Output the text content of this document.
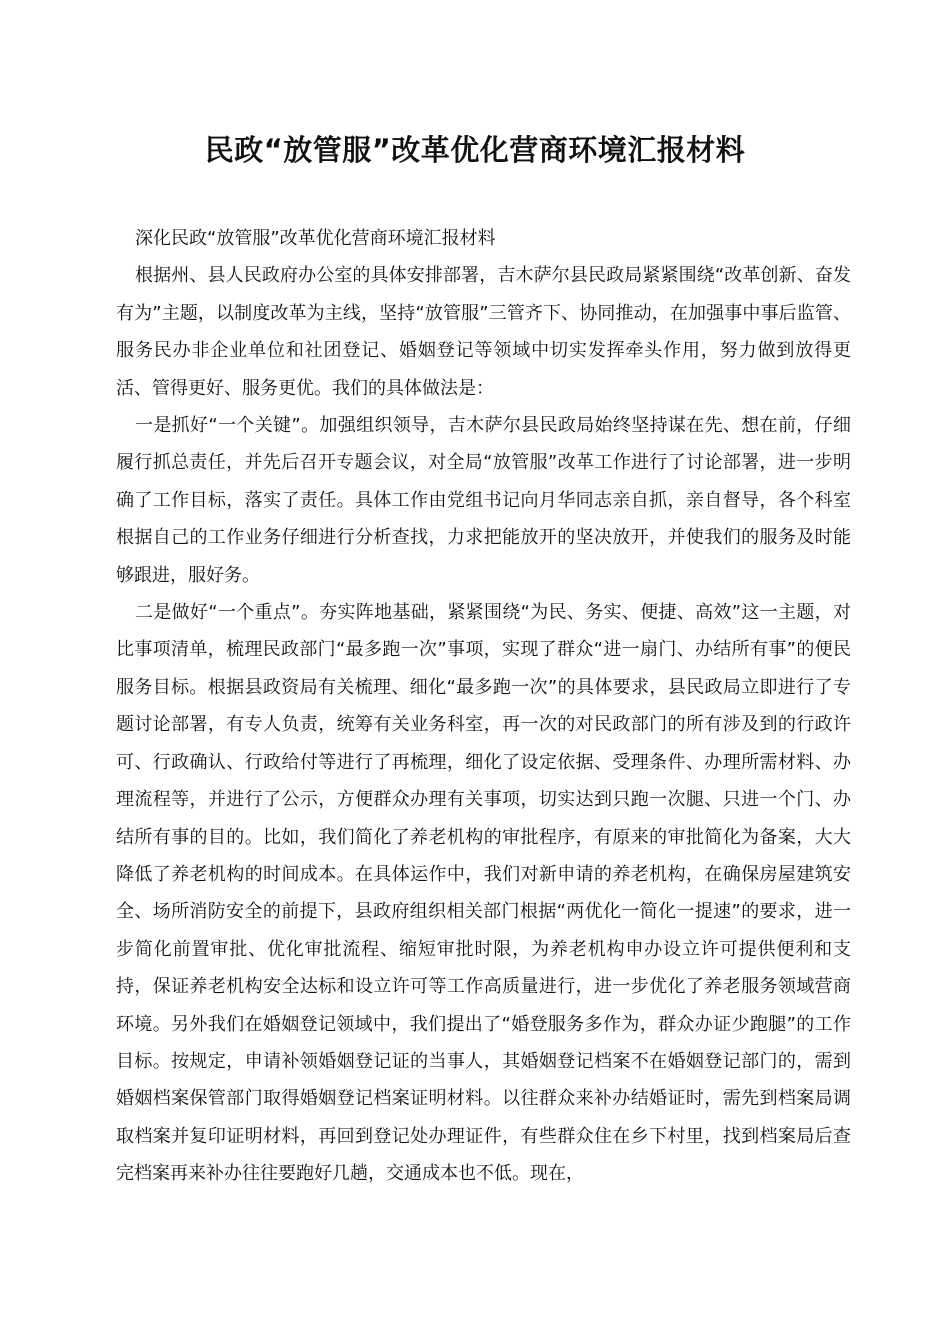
民政“放管服”改革优化营商环境汇报材料

深化民政“放管服”改革优化营商环境汇报材料

根据州、县人民政府办公室的具体安排部署，吉木萨尔县民政局紧紧围绕“改革创新、奋发有为”主题，以制度改革为主线，坚持“放管服”三管齐下、协同推动，在加强事中事后监管、服务民办非企业单位和社团登记、婚姻登记等领域中切实发挥牵头作用，努力做到放得更活、管得更好、服务更优。我们的具体做法是：

一是抓好“一个关键”。加强组织领导，吉木萨尔县民政局始终坚持谋在先、想在前，仔细履行抓总责任，并先后召开专题会议，对全局“放管服”改革工作进行了讨论部署，进一步明确了工作目标，落实了责任。具体工作由党组书记向月华同志亲自抓，亲自督导，各个科室根据自己的工作业务仔细进行分析查找，力求把能放开的坚决放开，并使我们的服务及时能够跟进，服好务。

二是做好“一个重点”。夯实阵地基础，紧紧围绕“为民、务实、便捷、高效”这一主题，对比事项清单，梳理民政部门“最多跑一次”事项，实现了群众“进一扇门、办结所有事”的便民服务目标。根据县政资局有关梳理、细化“最多跑一次”的具体要求，县民政局立即进行了专题讨论部署，有专人负责，统筹有关业务科室，再一次的对民政部门的所有涉及到的行政许可、行政确认、行政给付等进行了再梳理，细化了设定依据、受理条件、办理所需材料、办理流程等，并进行了公示，方便群众办理有关事项，切实达到只跑一次腿、只进一个门、办结所有事的目的。比如，我们简化了养老机构的审批程序，有原来的审批简化为备案，大大降低了养老机构的时间成本。在具体运作中，我们对新申请的养老机构，在确保房屋建筑安全、场所消防安全的前提下，县政府组织相关部门根据“两优化一简化一提速”的要求，进一步简化前置审批、优化审批流程、缩短审批时限，为养老机构申办设立许可提供便利和支持，保证养老机构安全达标和设立许可等工作高质量进行，进一步优化了养老服务领域营商环境。另外我们在婚姻登记领域中，我们提出了“婚登服务多作为，群众办证少跑腿”的工作目标。按规定，申请补领婚姻登记证的当事人，其婚姻登记档案不在婚姻登记部门的，需到婚姻档案保管部门取得婚姻登记档案证明材料。以往群众来补办结婚证时，需先到档案局调取档案并复印证明材料，再回到登记处办理证件，有些群众住在乡下村里，找到档案局后查完档案再来补办往往要跑好几趟，交通成本也不低。现在，
